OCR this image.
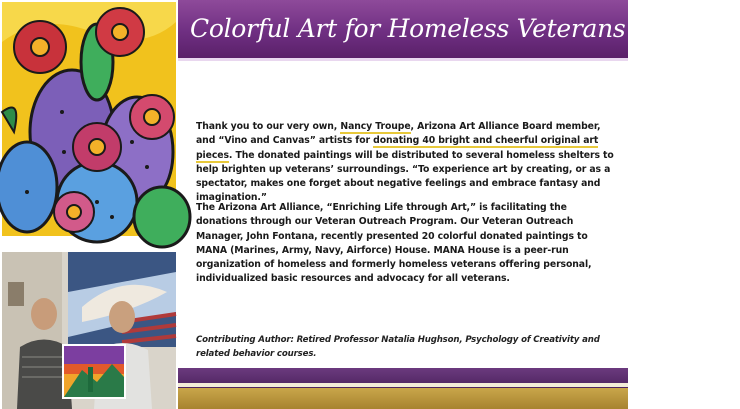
Colorful Art for Homeless Veterans Centers!
Thank you to our very own, Nancy Troupe, Arizona Art Alliance Board member, and “Vino and Canvas” artists for donating 40 bright and cheerful original art pieces. The donated paintings will be distributed to several homeless shelters to help brighten up veterans’ surroundings. “To experience art by creating, or as a spectator, makes one forget about negative feelings and embrace fantasy and imagination.”
The Arizona Art Alliance, “Enriching Life through Art,” is facilitating the donations through our Veteran Outreach Program. Our Veteran Outreach Manager, John Fontana, recently presented 20 colorful donated paintings to MANA (Marines, Army, Navy, Airforce) House. MANA House is a peer-run organization of homeless and formerly homeless veterans offering personal, individualized basic resources and advocacy for all veterans.
Contributing Author: Retired Professor Natalia Hughson, Psychology of Creativity and related behavior courses.
